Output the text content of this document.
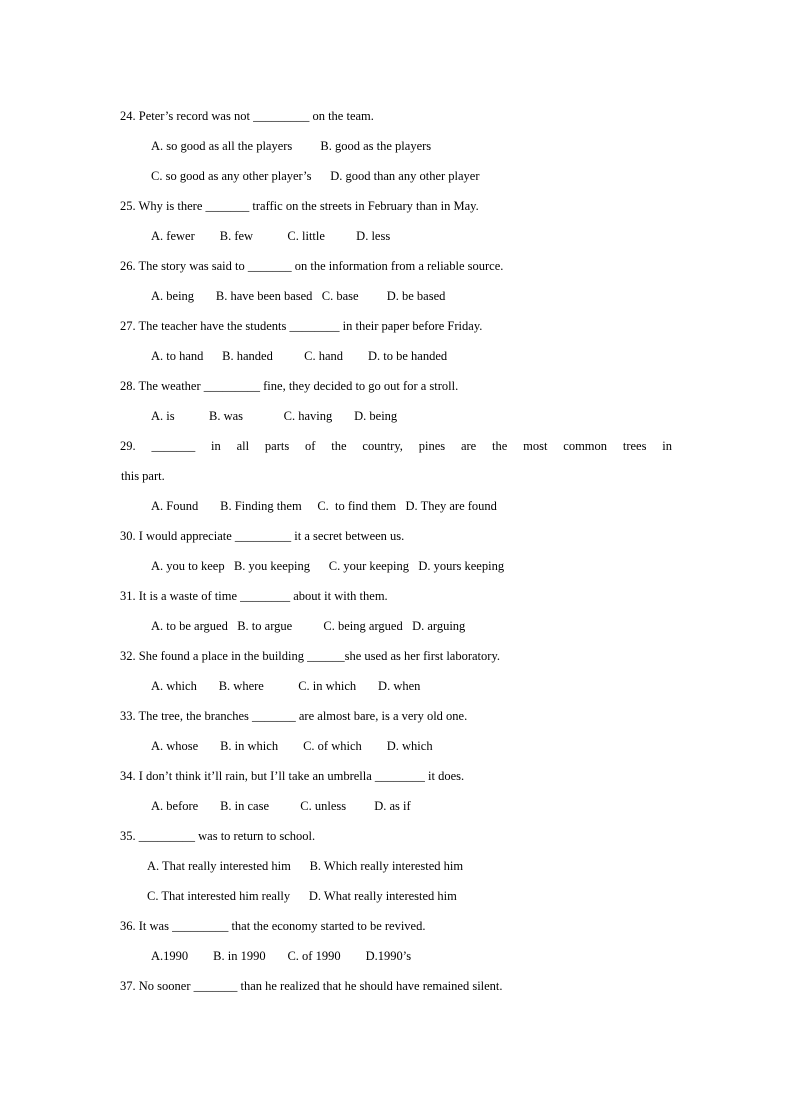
24. Peter’s record was not _________ on the team.
A. so good as all the players         B. good as the players
C. so good as any other player’s      D. good than any other player
25. Why is there _______ traffic on the streets in February than in May.
A. fewer        B. few           C. little          D. less
26. The story was said to _______ on the information from a reliable source.
A. being       B. have been based   C. base         D. be based
27. The teacher have the students ________ in their paper before Friday.
A. to hand      B. handed          C. hand        D. to be handed
28. The weather _________ fine, they decided to go out for a stroll.
A. is           B. was             C. having       D. being
29. _______ in all parts of the country, pines are the most common trees in
this part.
A. Found       B. Finding them     C.  to find them   D. They are found
30. I would appreciate _________ it a secret between us.
A. you to keep   B. you keeping      C. your keeping   D. yours keeping
31. It is a waste of time ________ about it with them.
A. to be argued   B. to argue          C. being argued   D. arguing
32. She found a place in the building ______she used as her first laboratory.
A. which       B. where           C. in which       D. when
33. The tree, the branches _______ are almost bare, is a very old one.
A. whose       B. in which        C. of which        D. which
34. I don’t think it’ll rain, but I’ll take an umbrella ________ it does.
A. before       B. in case          C. unless         D. as if
35. _________ was to return to school.
A. That really interested him      B. Which really interested him
C. That interested him really      D. What really interested him
36. It was _________ that the economy started to be revived.
A.1990        B. in 1990       C. of 1990        D.1990’s
37. No sooner _______ than he realized that he should have remained silent.
